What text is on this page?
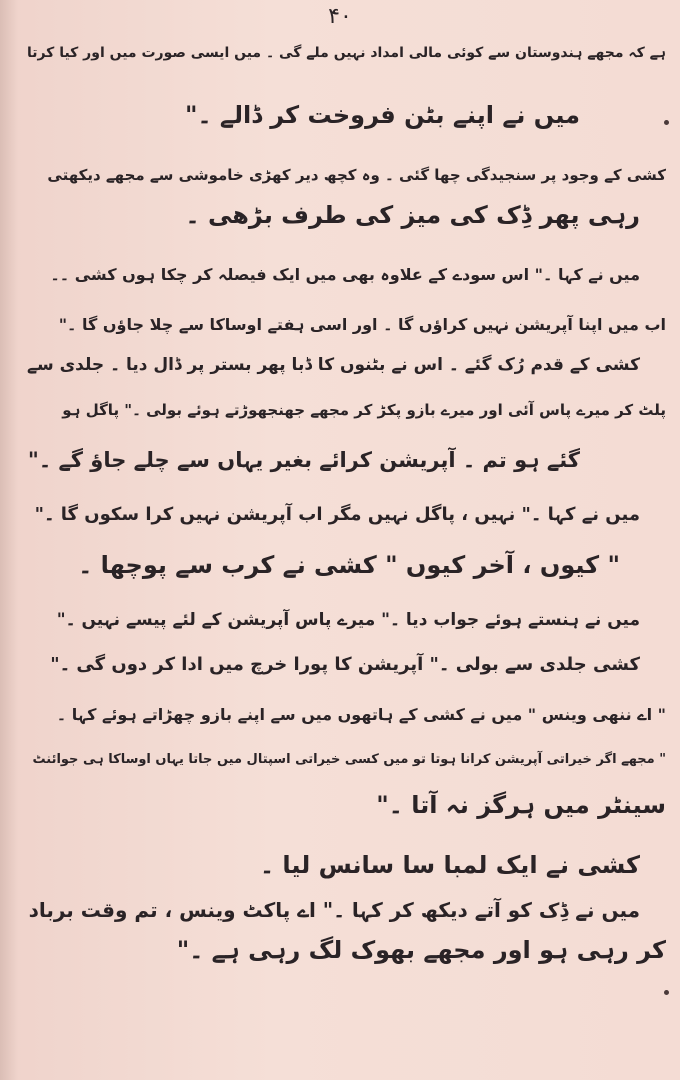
۴۰
ہے کہ مجھے ہندوستان سے کوئی مالی امداد نہیں ملے گی ۔ میں ایسی صورت میں اور کیا کرتا
میں نے اپنے بٹن فروخت کر ڈالے ۔"
کشی کے وجود پر سنجیدگی چھا گئی ۔ وہ کچھ دیر کھڑی خاموشی سے مجھے دیکھتی
رہی پھر ڈِک کی میز کی طرف بڑھی ۔
میں نے کہا ۔" اس سودے کے علاوہ بھی میں ایک فیصلہ کر چکا ہوں کشی ۔۔
اب میں اپنا آپریشن نہیں کراؤں گا ۔ اور اسی ہفتے اوساکا سے چلا جاؤں گا ۔"
کشی کے قدم رُک گئے ۔ اس نے بٹنوں کا ڈبا پھر بستر پر ڈال دیا ۔ جلدی سے
پلٹ کر میرے پاس آئی اور میرے بازو پکڑ کر مجھے جھنجھوڑتے ہوئے بولی ۔" پاگل ہو
گئے ہو تم ۔ آپریشن کرائے بغیر یہاں سے چلے جاؤ گے ۔"
میں نے کہا ۔" نہیں ، پاگل نہیں مگر اب آپریشن نہیں کرا سکوں گا ۔"
" کیوں ، آخر کیوں " کشی نے کرب سے پوچھا ۔
میں نے ہنستے ہوئے جواب دیا ۔" میرے پاس آپریشن کے لئے پیسے نہیں ۔"
کشی جلدی سے بولی ۔" آپریشن کا پورا خرچ میں ادا کر دوں گی ۔"
" اے ننھی وینس " میں نے کشی کے ہاتھوں میں سے اپنے بازو چھڑاتے ہوئے کہا ۔
" مجھے اگر خیراتی آپریشن کرانا ہوتا تو میں کسی خیراتی اسپتال میں جاتا یہاں اوساکا ہی جوائنٹ
سینٹر میں ہرگز نہ آتا ۔"
کشی نے ایک لمبا سا سانس لیا ۔
میں نے ڈِک کو آتے دیکھ کر کہا ۔" اے پاکٹ وینس ، تم وقت برباد
کر رہی ہو اور مجھے بھوک لگ رہی ہے ۔"
